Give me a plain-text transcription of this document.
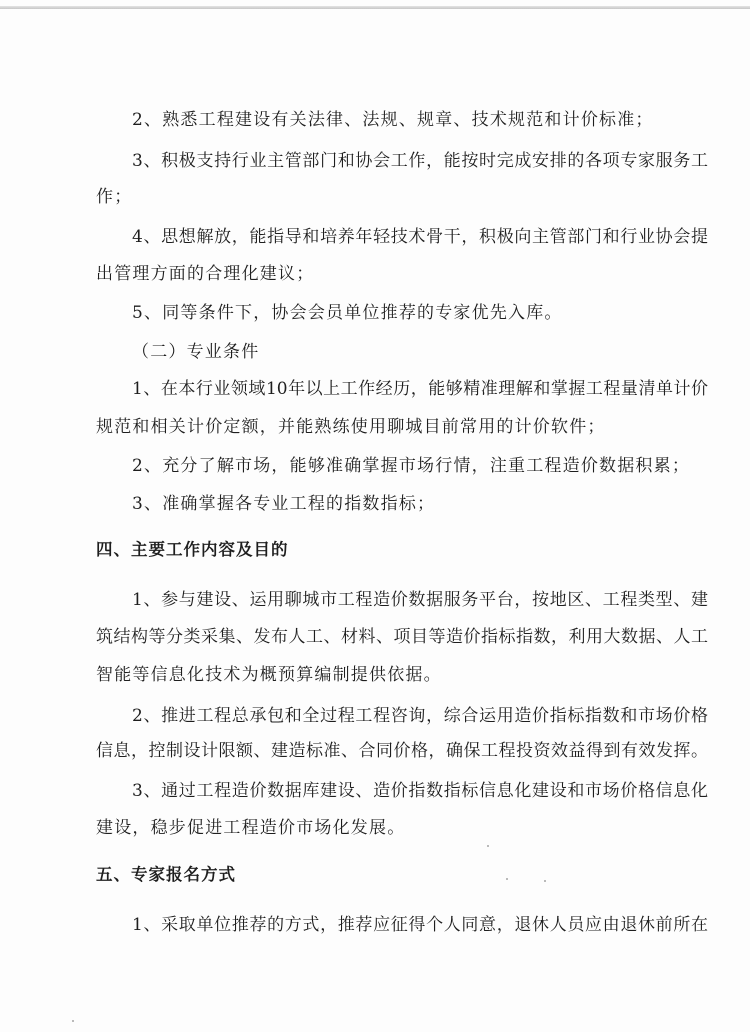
2、熟悉工程建设有关法律、法规、规章、技术规范和计价标准；
3、积极支持行业主管部门和协会工作，能按时完成安排的各项专家服务工
作；
4、思想解放，能指导和培养年轻技术骨干，积极向主管部门和行业协会提
出管理方面的合理化建议；
5、同等条件下，协会会员单位推荐的专家优先入库。
（二）专业条件
1、在本行业领域10年以上工作经历，能够精准理解和掌握工程量清单计价
规范和相关计价定额，并能熟练使用聊城目前常用的计价软件；
2、充分了解市场，能够准确掌握市场行情，注重工程造价数据积累；
3、准确掌握各专业工程的指数指标；
四、主要工作内容及目的
1、参与建设、运用聊城市工程造价数据服务平台，按地区、工程类型、建
筑结构等分类采集、发布人工、材料、项目等造价指标指数，利用大数据、人工
智能等信息化技术为概预算编制提供依据。
2、推进工程总承包和全过程工程咨询，综合运用造价指标指数和市场价格
信息，控制设计限额、建造标准、合同价格，确保工程投资效益得到有效发挥。
3、通过工程造价数据库建设、造价指数指标信息化建设和市场价格信息化
建设，稳步促进工程造价市场化发展。
五、专家报名方式
1、采取单位推荐的方式，推荐应征得个人同意，退休人员应由退休前所在
